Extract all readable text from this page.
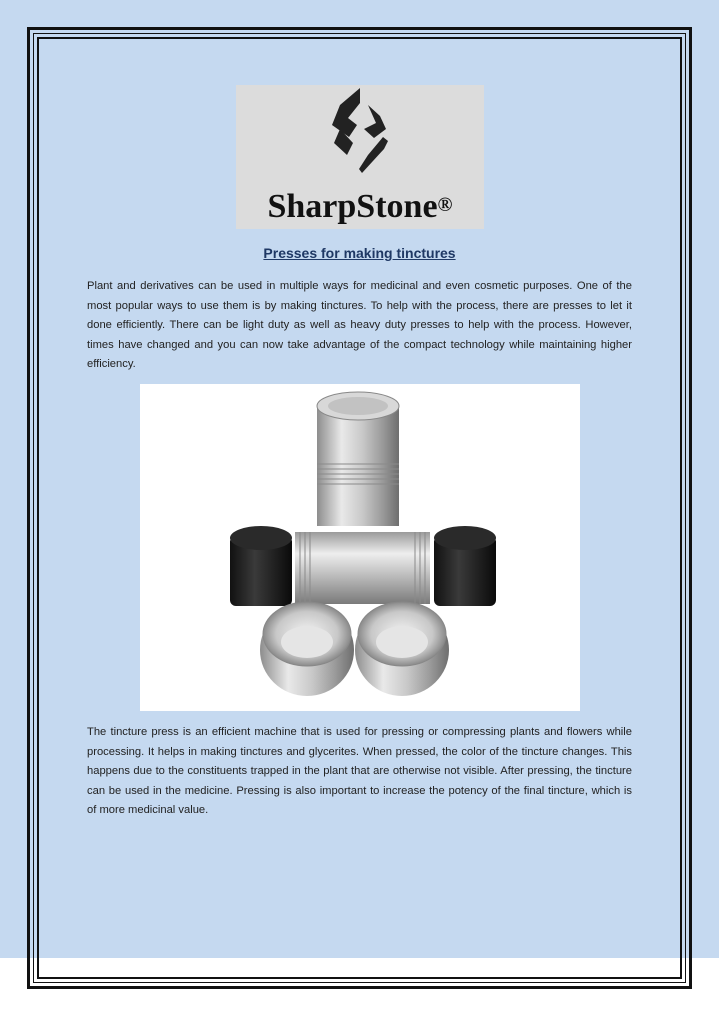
SharpStone®
Presses for making tinctures
Plant and derivatives can be used in multiple ways for medicinal and even cosmetic purposes. One of the most popular ways to use them is by making tinctures. To help with the process, there are presses to let it done efficiently. There can be light duty as well as heavy duty presses to help with the process. However, times have changed and you can now take advantage of the compact technology while maintaining higher efficiency.
The tincture press is an efficient machine that is used for pressing or compressing plants and flowers while processing. It helps in making tinctures and glycerites. When pressed, the color of the tincture changes. This happens due to the constituents trapped in the plant that are otherwise not visible. After pressing, the tincture can be used in the medicine. Pressing is also important to increase the potency of the final tincture, which is of more medicinal value.
